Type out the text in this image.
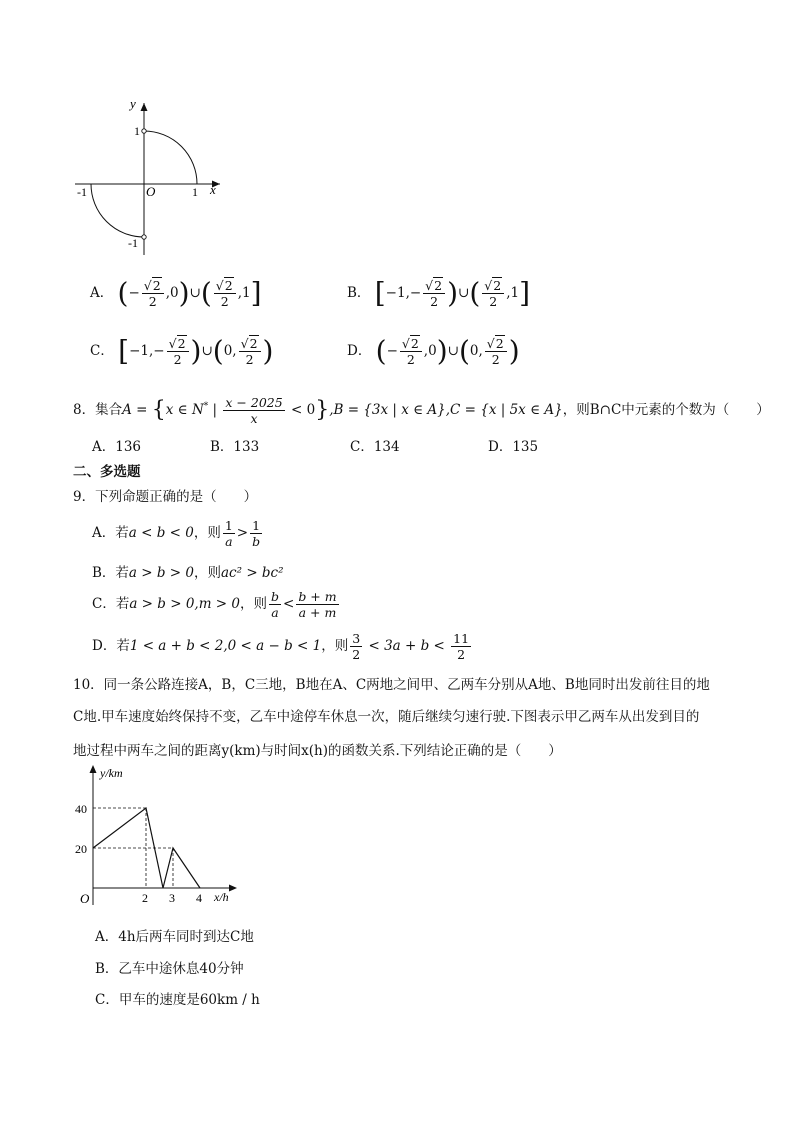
y
x
O
1
1
-1
-1
A． (− $\frac{√2}{2}$ ,0)∪( $\frac{√2}{2} ,1$]	B． [$-1,- \frac{√2}{2}$ )∪( $\frac{√2}{2} ,1$]
C． [$-1,- \frac{√2}{2}$ )∪(0, $\frac{√2}{2}$ )	D． (− $\frac{√2}{2}$ ,0)∪(0, $\frac{√2}{2}$ )
8．集合A = {x ∈ N* | $\frac{x - 2025}{x} < 0\},B = \{3x$ | x ∈ A},C = {x | 5x ∈ A}，则B∩C中元素的个数为（　　）
A．136	B．133	C．134	D．135
二、多选题
9．下列命题正确的是（　　）
A．若a < b < 0，则 $\frac{1}{a} > \frac{1}{b}$
B．若a > b > 0，则ac² > bc²
C．若a > b > 0,m > 0，则 $\frac{b}{a} < \frac{b + m}{a + m}$
D．若1 < a + b < 2,0 < a − b < 1，则 $\frac{3}{2} < 3a + b < \frac{11}{2}$
10．同一条公路连接A，B，C三地，B地在A、C两地之间甲、乙两车分别从A地、B地同时出发前往目的地
C地.甲车速度始终保持不变，乙车中途停车休息一次，随后继续匀速行驶.下图表示甲乙两车从出发到目的
地过程中两车之间的距离y(km)与时间x(h)的函数关系.下列结论正确的是（　　）
y/km
x/h
O
40
20
2 3 4
A．4h后两车同时到达C地
B．乙车中途休息40分钟
C．甲车的速度是60km / h
